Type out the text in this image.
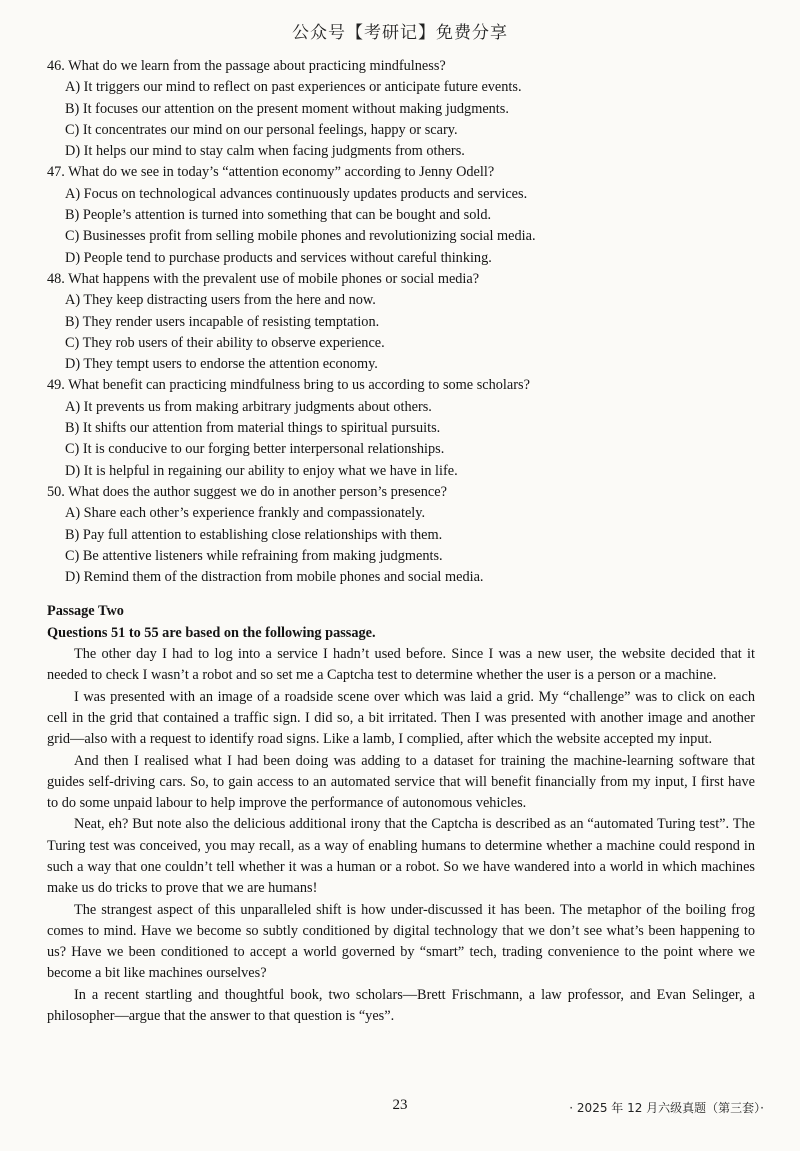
公众号【考研记】免费分享

46. What do we learn from the passage about practicing mindfulness?

A) It triggers our mind to reflect on past experiences or anticipate future events.

B) It focuses our attention on the present moment without making judgments.

C) It concentrates our mind on our personal feelings, happy or scary.

D) It helps our mind to stay calm when facing judgments from others.

47. What do we see in today’s “attention economy” according to Jenny Odell?

A) Focus on technological advances continuously updates products and services.

B) People’s attention is turned into something that can be bought and sold.

C) Businesses profit from selling mobile phones and revolutionizing social media.

D) People tend to purchase products and services without careful thinking.

48. What happens with the prevalent use of mobile phones or social media?

A) They keep distracting users from the here and now.

B) They render users incapable of resisting temptation.

C) They rob users of their ability to observe experience.

D) They tempt users to endorse the attention economy.

49. What benefit can practicing mindfulness bring to us according to some scholars?

A) It prevents us from making arbitrary judgments about others.

B) It shifts our attention from material things to spiritual pursuits.

C) It is conducive to our forging better interpersonal relationships.

D) It is helpful in regaining our ability to enjoy what we have in life.

50. What does the author suggest we do in another person’s presence?

A) Share each other’s experience frankly and compassionately.

B) Pay full attention to establishing close relationships with them.

C) Be attentive listeners while refraining from making judgments.

D) Remind them of the distraction from mobile phones and social media.

Passage Two

Questions 51 to 55 are based on the following passage.

The other day I had to log into a service I hadn’t used before. Since I was a new user, the website decided that it needed to check I wasn’t a robot and so set me a Captcha test to determine whether the user is a person or a machine.

I was presented with an image of a roadside scene over which was laid a grid. My “challenge” was to click on each cell in the grid that contained a traffic sign. I did so, a bit irritated. Then I was presented with another image and another grid—also with a request to identify road signs. Like a lamb, I complied, after which the website accepted my input.

And then I realised what I had been doing was adding to a dataset for training the machine-learning software that guides self-driving cars. So, to gain access to an automated service that will benefit financially from my input, I first have to do some unpaid labour to help improve the performance of autonomous vehicles.

Neat, eh? But note also the delicious additional irony that the Captcha is described as an “automated Turing test”. The Turing test was conceived, you may recall, as a way of enabling humans to determine whether a machine could respond in such a way that one couldn’t tell whether it was a human or a robot. So we have wandered into a world in which machines make us do tricks to prove that we are humans!

The strangest aspect of this unparalleled shift is how under-discussed it has been. The metaphor of the boiling frog comes to mind. Have we become so subtly conditioned by digital technology that we don’t see what’s been happening to us? Have we been conditioned to accept a world governed by “smart” tech, trading convenience to the point where we become a bit like machines ourselves?

In a recent startling and thoughtful book, two scholars—Brett Frischmann, a law professor, and Evan Selinger, a philosopher—argue that the answer to that question is “yes”.

23	· 2025 年 12 月六级真题（第三套）·
